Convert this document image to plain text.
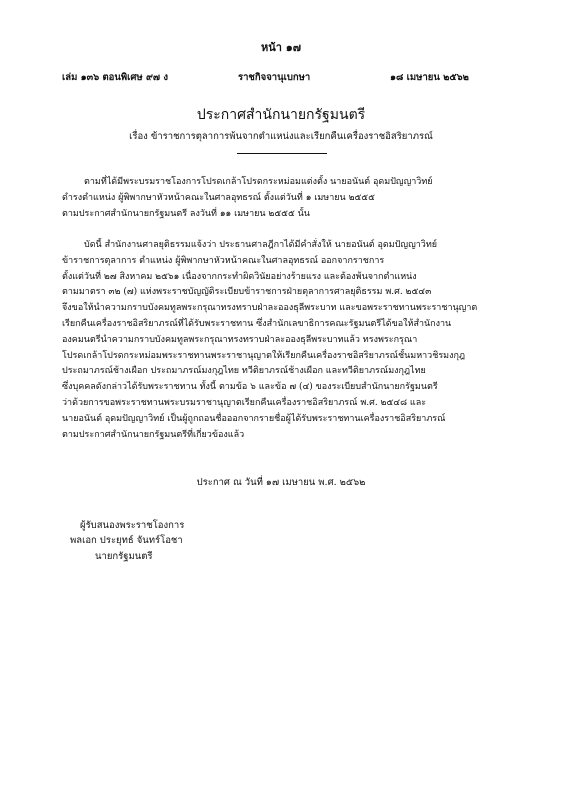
หน้า ๑๗
เล่ม ๑๓๖ ตอนพิเศษ ๙๗ ง	ราชกิจจานุเบกษา	๑๘ เมษายน ๒๕๖๒
ประกาศสำนักนายกรัฐมนตรี
เรื่อง ข้าราชการตุลาการพ้นจากตำแหน่งและเรียกคืนเครื่องราชอิสริยาภรณ์
ตามที่ได้มีพระบรมราชโองการโปรดเกล้าโปรดกระหม่อมแต่งตั้ง นายอนันต์ อุดมปัญญาวิทย์
ดำรงตำแหน่ง ผู้พิพากษาหัวหน้าคณะในศาลอุทธรณ์ ตั้งแต่วันที่ ๑ เมษายน ๒๕๕๕
ตามประกาศสำนักนายกรัฐมนตรี ลงวันที่ ๑๑ เมษายน ๒๕๕๕ นั้น
บัดนี้ สำนักงานศาลยุติธรรมแจ้งว่า ประธานศาลฎีกาได้มีคำสั่งให้ นายอนันต์ อุดมปัญญาวิทย์
ข้าราชการตุลาการ ตำแหน่ง ผู้พิพากษาหัวหน้าคณะในศาลอุทธรณ์ ออกจากราชการ
ตั้งแต่วันที่ ๒๗ สิงหาคม ๒๕๖๑ เนื่องจากกระทำผิดวินัยอย่างร้ายแรง และต้องพ้นจากตำแหน่ง
ตามมาตรา ๓๒ (๗) แห่งพระราชบัญญัติระเบียบข้าราชการฝ่ายตุลาการศาลยุติธรรม พ.ศ. ๒๕๔๓
จึงขอให้นำความกราบบังคมทูลพระกรุณาทรงทราบฝ่าละอองธุลีพระบาท และขอพระราชทานพระราชานุญาต
เรียกคืนเครื่องราชอิสริยาภรณ์ที่ได้รับพระราชทาน ซึ่งสำนักเลขาธิการคณะรัฐมนตรีได้ขอให้สำนักงาน
องคมนตรีนำความกราบบังคมทูลพระกรุณาทรงทราบฝ่าละอองธุลีพระบาทแล้ว ทรงพระกรุณา
โปรดเกล้าโปรดกระหม่อมพระราชทานพระราชานุญาตให้เรียกคืนเครื่องราชอิสริยาภรณ์ชั้นมหาวชิรมงกุฎ
ประถมาภรณ์ช้างเผือก ประถมาภรณ์มงกุฎไทย ทวีติยาภรณ์ช้างเผือก และทวีติยาภรณ์มงกุฎไทย
ซึ่งบุคคลดังกล่าวได้รับพระราชทาน ทั้งนี้ ตามข้อ ๖ และข้อ ๗ (๔) ของระเบียบสำนักนายกรัฐมนตรี
ว่าด้วยการขอพระราชทานพระบรมราชานุญาตเรียกคืนเครื่องราชอิสริยาภรณ์ พ.ศ. ๒๕๔๘ และ
นายอนันต์ อุดมปัญญาวิทย์ เป็นผู้ถูกถอนชื่อออกจากรายชื่อผู้ได้รับพระราชทานเครื่องราชอิสริยาภรณ์
ตามประกาศสำนักนายกรัฐมนตรีที่เกี่ยวข้องแล้ว
ประกาศ ณ วันที่ ๑๗ เมษายน พ.ศ. ๒๕๖๒
ผู้รับสนองพระราชโองการ
พลเอก ประยุทธ์ จันทร์โอชา
นายกรัฐมนตรี
